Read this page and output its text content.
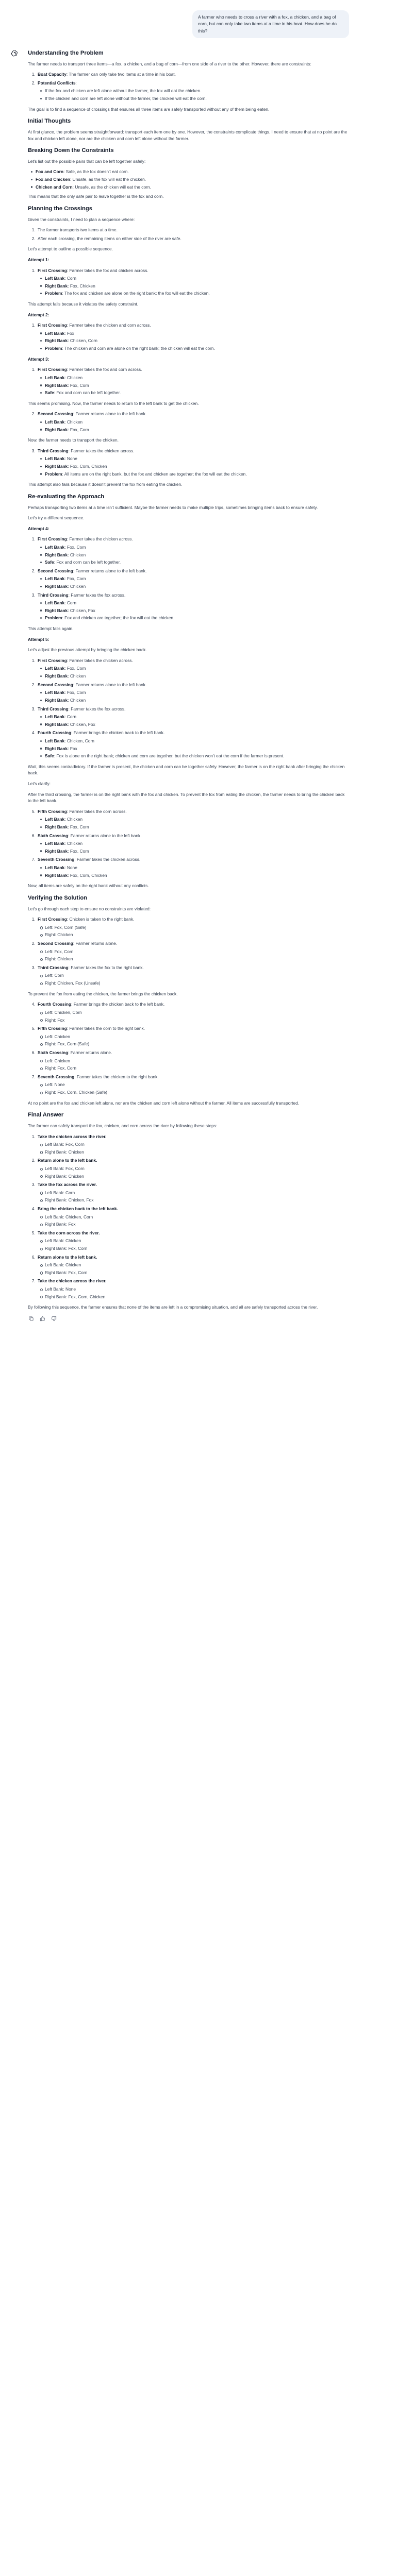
A farmer who needs to cross a river with a fox, a chicken, and a bag of corn, but can only take two items at a time in his boat. How does he do this?
Understanding the Problem

The farmer needs to transport three items—a fox, a chicken, and a bag of corn—from one side of a river to the other. However, there are constraints:

1. Boat Capacity: The farmer can only take two items at a time in his boat.
2. Potential Conflicts:
If the fox and chicken are left alone without the farmer, the fox will eat the chicken.
If the chicken and corn are left alone without the farmer, the chicken will eat the corn.

The goal is to find a sequence of crossings that ensures all three items are safely transported without any of them being eaten.

Initial Thoughts

At first glance, the problem seems straightforward: transport each item one by one. However, the constraints complicate things. I need to ensure that at no point are the fox and chicken left alone, nor are the chicken and corn left alone without the farmer.

Breaking Down the Constraints

Let's list out the possible pairs that can be left together safely:

Fox and Corn: Safe, as the fox doesn't eat corn.
Fox and Chicken: Unsafe, as the fox will eat the chicken.
Chicken and Corn: Unsafe, as the chicken will eat the corn.

This means that the only safe pair to leave together is the fox and corn.

Planning the Crossings

Given the constraints, I need to plan a sequence where:

1. The farmer transports two items at a time.
2. After each crossing, the remaining items on either side of the river are safe.

Let's attempt to outline a possible sequence.

Attempt 1:

1. First Crossing: Farmer takes the fox and chicken across.
Left Bank: Corn
Right Bank: Fox, Chicken
Problem: The fox and chicken are alone on the right bank; the fox will eat the chicken.

This attempt fails because it violates the safety constraint.

Attempt 2:

1. First Crossing: Farmer takes the chicken and corn across.
Left Bank: Fox
Right Bank: Chicken, Corn
Problem: The chicken and corn are alone on the right bank; the chicken will eat the corn.

Attempt 3:

1. First Crossing: Farmer takes the fox and corn across.
Left Bank: Chicken
Right Bank: Fox, Corn
Safe: Fox and corn can be left together.

This seems promising. Now, the farmer needs to return to the left bank to get the chicken.

2. Second Crossing: Farmer returns alone to the left bank.
Left Bank: Chicken
Right Bank: Fox, Corn

Now, the farmer needs to transport the chicken.

3. Third Crossing: Farmer takes the chicken across.
Left Bank: None
Right Bank: Fox, Corn, Chicken
Problem: All items are on the right bank, but the fox and chicken are together; the fox will eat the chicken.

This attempt also fails because it doesn't prevent the fox from eating the chicken.

Re-evaluating the Approach

Perhaps transporting two items at a time isn't sufficient. Maybe the farmer needs to make multiple trips, sometimes bringing items back to ensure safety.

Let's try a different sequence.

Attempt 4:

1. First Crossing: Farmer takes the chicken across.
Left Bank: Fox, Corn
Right Bank: Chicken
Safe: Fox and corn can be left together.
2. Second Crossing: Farmer returns alone to the left bank.
Left Bank: Fox, Corn
Right Bank: Chicken
3. Third Crossing: Farmer takes the fox across.
Left Bank: Corn
Right Bank: Chicken, Fox
Problem: Fox and chicken are together; the fox will eat the chicken.

This attempt fails again.

Attempt 5:

Let's adjust the previous attempt by bringing the chicken back.

1. First Crossing: Farmer takes the chicken across.
Left Bank: Fox, Corn
Right Bank: Chicken
2. Second Crossing: Farmer returns alone to the left bank.
Left Bank: Fox, Corn
Right Bank: Chicken
3. Third Crossing: Farmer takes the fox across.
Left Bank: Corn
Right Bank: Chicken, Fox
4. Fourth Crossing: Farmer brings the chicken back to the left bank.
Left Bank: Chicken, Corn
Right Bank: Fox
Safe: Fox is alone on the right bank; chicken and corn are together, but the chicken won't eat the corn if the farmer is present.

Wait, this seems contradictory. If the farmer is present, the chicken and corn can be together safely. However, the farmer is on the right bank after bringing the chicken back.

Let's clarify:

After the third crossing, the farmer is on the right bank with the fox and chicken. To prevent the fox from eating the chicken, the farmer needs to bring the chicken back to the left bank.

5. Fifth Crossing: Farmer takes the corn across.
Left Bank: Chicken
Right Bank: Fox, Corn
6. Sixth Crossing: Farmer returns alone to the left bank.
Left Bank: Chicken
Right Bank: Fox, Corn
7. Seventh Crossing: Farmer takes the chicken across.
Left Bank: None
Right Bank: Fox, Corn, Chicken

Now, all items are safely on the right bank without any conflicts.

Verifying the Solution

Let's go through each step to ensure no constraints are violated:

1. First Crossing: Chicken is taken to the right bank.
Left: Fox, Corn (Safe)
Right: Chicken
2. Second Crossing: Farmer returns alone.
Left: Fox, Corn
Right: Chicken
3. Third Crossing: Farmer takes the fox to the right bank.
Left: Corn
Right: Chicken, Fox (Unsafe)

To prevent the fox from eating the chicken, the farmer brings the chicken back.

4. Fourth Crossing: Farmer brings the chicken back to the left bank.
Left: Chicken, Corn
Right: Fox
5. Fifth Crossing: Farmer takes the corn to the right bank.
Left: Chicken
Right: Fox, Corn (Safe)
6. Sixth Crossing: Farmer returns alone.
Left: Chicken
Right: Fox, Corn
7. Seventh Crossing: Farmer takes the chicken to the right bank.
Left: None
Right: Fox, Corn, Chicken (Safe)

At no point are the fox and chicken left alone, nor are the chicken and corn left alone without the farmer. All items are successfully transported.

Final Answer

The farmer can safely transport the fox, chicken, and corn across the river by following these steps:

1. Take the chicken across the river.
Left Bank: Fox, Corn
Right Bank: Chicken
2. Return alone to the left bank.
Left Bank: Fox, Corn
Right Bank: Chicken
3. Take the fox across the river.
Left Bank: Corn
Right Bank: Chicken, Fox
4. Bring the chicken back to the left bank.
Left Bank: Chicken, Corn
Right Bank: Fox
5. Take the corn across the river.
Left Bank: Chicken
Right Bank: Fox, Corn
6. Return alone to the left bank.
Left Bank: Chicken
Right Bank: Fox, Corn
7. Take the chicken across the river.
Left Bank: None
Right Bank: Fox, Corn, Chicken

By following this sequence, the farmer ensures that none of the items are left in a compromising situation, and all are safely transported across the river.
